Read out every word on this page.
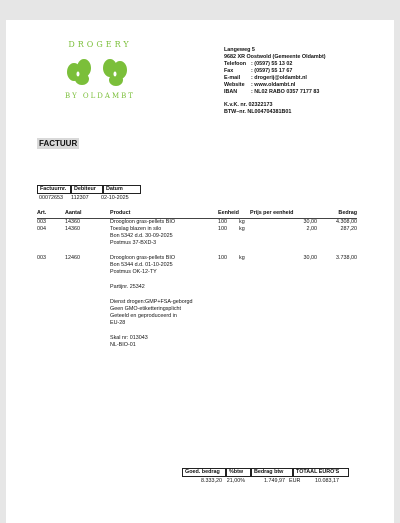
DROGERY
BY OLDAMBT
Langeweg 5
9682 XR Oostwold (Gemeente Oldambt)
Telefoon : (0597) 55 13 02
Fax	: (0597) 55 17 67
E-mail	: drogerij@oldambt.nl
Website	: www.oldambt.nl
IBAN	: NL02 RABO 0357 7177 83
K.v.K. nr. 02322173
BTW–nr. NL004704381B01
FACTUUR
Factuurnr.	Debiteur	Datum
00072653	112307	02-10-2025
Art.	Aantal	Product	Eenheid Prijs per eenheid	Bedrag
003	14360	Droogloon gras-pellets BIO	100 kg	30,00	4.308,00
004	14360	Toeslag blazen in silo	100 kg	2,00	287,20
Bon 5342 d.d. 30-09-2025
Postmus 37-BXD-3
003	12460	Droogloon gras-pellets BIO	100 kg	30,00	3.738,00
Bon 5344 d.d. 01-10-2025
Postmus OK-12-TY
Partijnr. 25342
Dienst drogen:GMP+FSA-geborgd
Geen GMO-etiketteringsplicht
Geteeld en geproduceerd in
EU-28
Skal nr: 013043
NL-BIO-01
Goed. bedrag	%btw	Bedrag btw	TOTAAL EURO'S
8.333,20 21,00%	1.749,97 EUR	10.083,17
